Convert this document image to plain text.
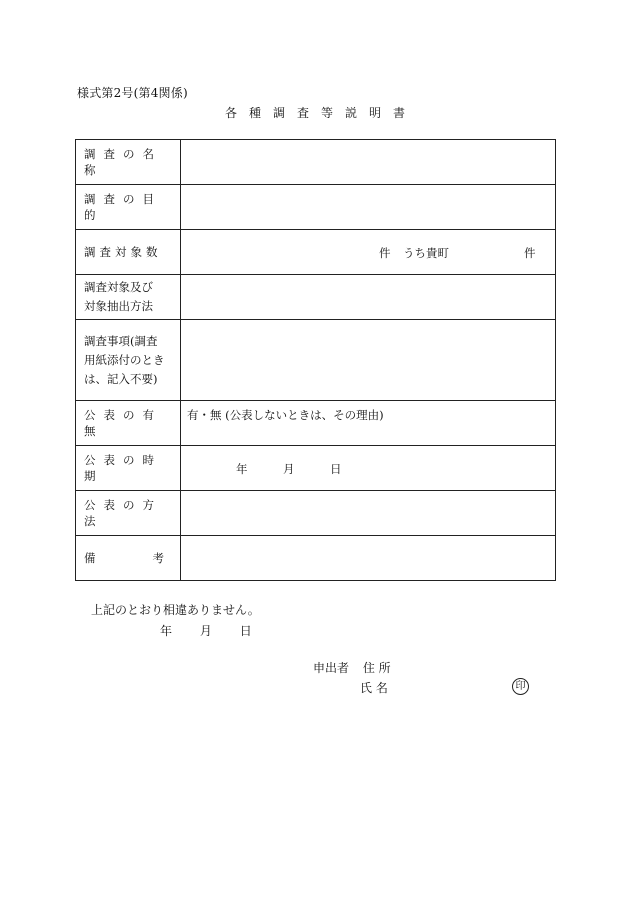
様式第2号(第4関係)
各種調査等説明書
調査の名称	
調査の目的	
調査対象数	件 うち貴町 件

調査対象及び
対象抽出方法	

調査事項(調査
用紙添付のとき
は、記入不要)	

公表の有無	有・無 (公表しないときは、その理由)

公表の時期	年 月 日

公表の方法	
備 考	

上記のとおり相違ありません。
年 月 日
申出者 住 所
氏 名	印
